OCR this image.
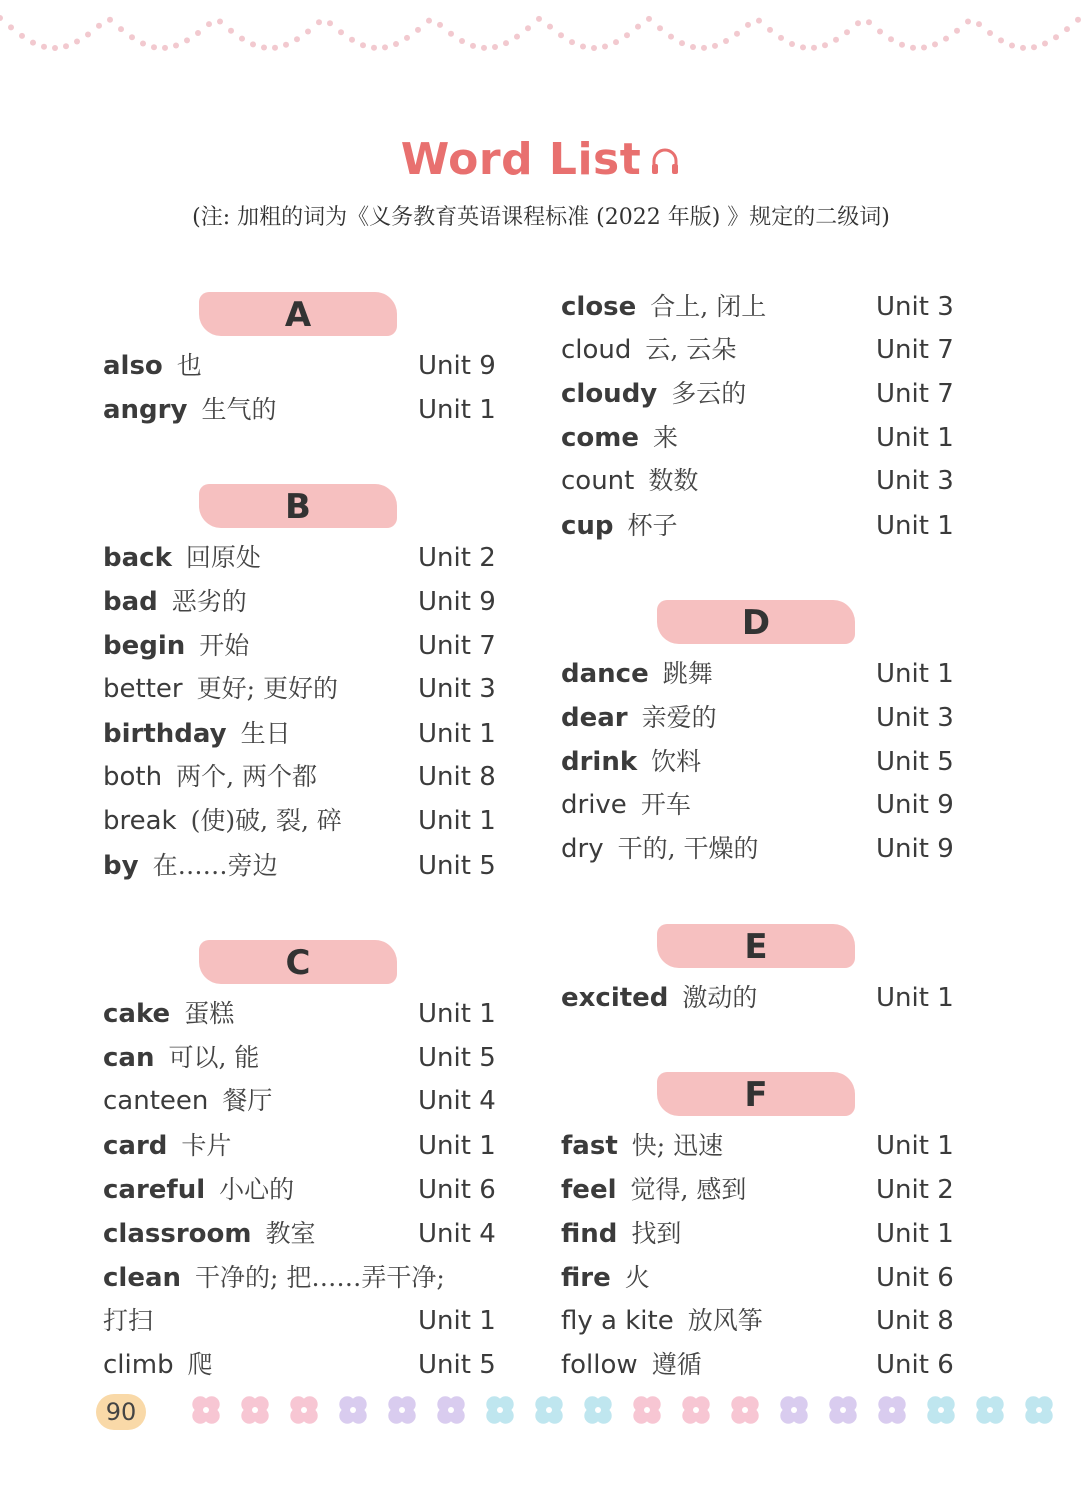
Word List
(注: 加粗的词为《义务教育英语课程标准 (2022 年版) 》规定的二级词)
A
also 也	Unit 9
angry 生气的	Unit 1
B
back 回原处	Unit 2
bad 恶劣的	Unit 9
begin 开始	Unit 7
better 更好; 更好的	Unit 3
birthday 生日	Unit 1
both 两个, 两个都	Unit 8
break (使)破, 裂, 碎	Unit 1
by 在……旁边	Unit 5
C
cake 蛋糕	Unit 1
can 可以, 能	Unit 5
canteen 餐厅	Unit 4
card 卡片	Unit 1
careful 小心的	Unit 6
classroom 教室	Unit 4
clean 干净的; 把……弄干净;
打扫	Unit 1
climb 爬	Unit 5
close 合上, 闭上	Unit 3
cloud 云, 云朵	Unit 7
cloudy 多云的	Unit 7
come 来	Unit 1
count 数数	Unit 3
cup 杯子	Unit 1
D
dance 跳舞	Unit 1
dear 亲爱的	Unit 3
drink 饮料	Unit 5
drive 开车	Unit 9
dry 干的, 干燥的	Unit 9
E
excited 激动的	Unit 1
F
fast 快; 迅速	Unit 1
feel 觉得, 感到	Unit 2
find 找到	Unit 1
fire 火	Unit 6
fly a kite 放风筝	Unit 8
follow 遵循	Unit 6
90
